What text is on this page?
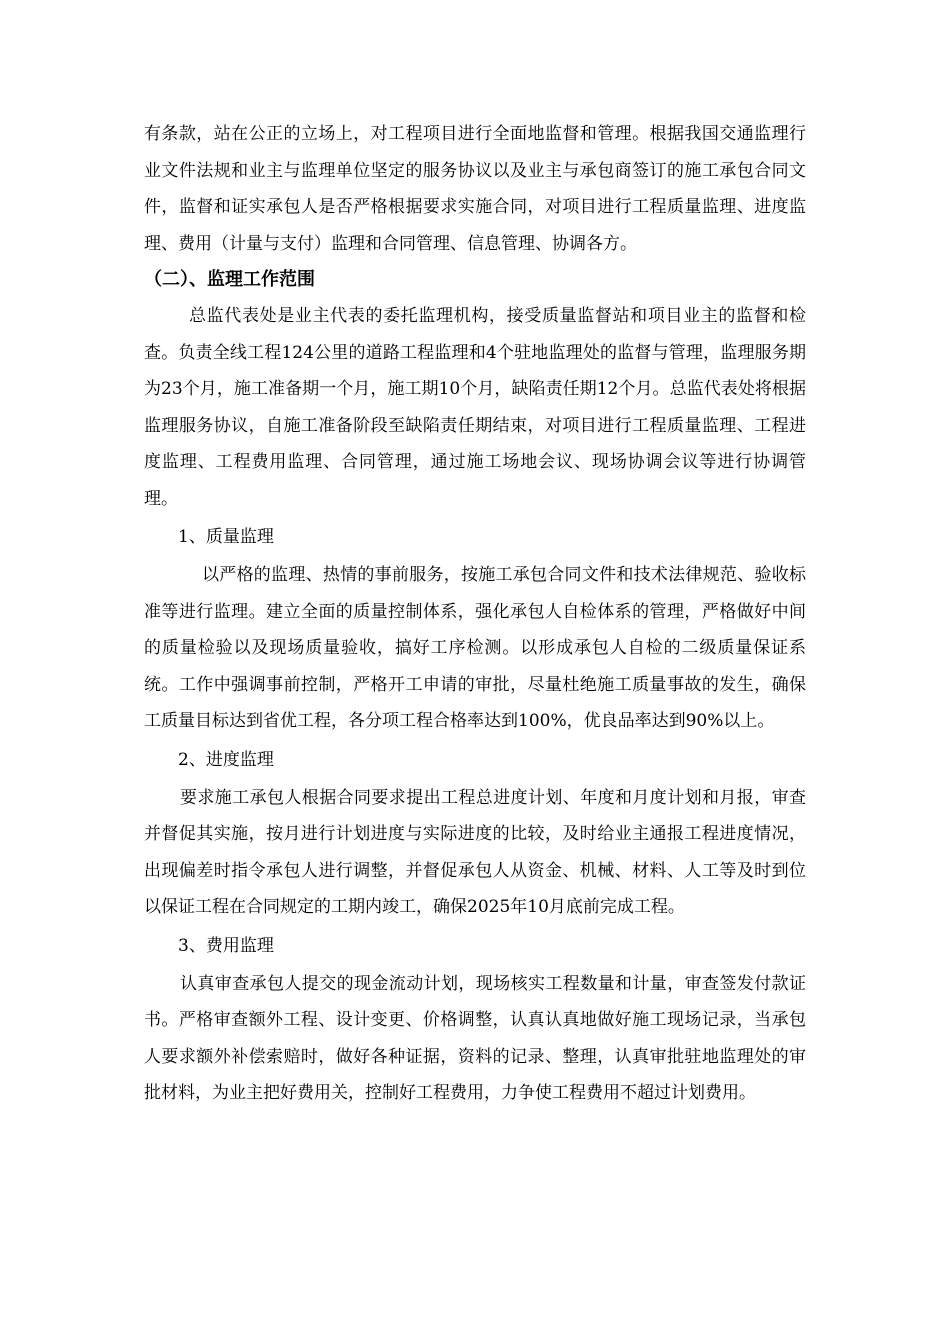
有条款，站在公正的立场上，对工程项目进行全面地监督和管理。根据我国交通监理行业文件法规和业主与监理单位坚定的服务协议以及业主与承包商签订的施工承包合同文件，监督和证实承包人是否严格根据要求实施合同，对项目进行工程质量监理、进度监理、费用（计量与支付）监理和合同管理、信息管理、协调各方。

（二）、监理工作范围

总监代表处是业主代表的委托监理机构，接受质量监督站和项目业主的监督和检查。负责全线工程124公里的道路工程监理和4个驻地监理处的监督与管理，监理服务期为23个月，施工准备期一个月，施工期10个月，缺陷责任期12个月。总监代表处将根据监理服务协议，自施工准备阶段至缺陷责任期结束，对项目进行工程质量监理、工程进度监理、工程费用监理、合同管理，通过施工场地会议、现场协调会议等进行协调管理。

1、质量监理

以严格的监理、热情的事前服务，按施工承包合同文件和技术法律规范、验收标准等进行监理。建立全面的质量控制体系，强化承包人自检体系的管理，严格做好中间的质量检验以及现场质量验收，搞好工序检测。以形成承包人自检的二级质量保证系统。工作中强调事前控制，严格开工申请的审批，尽量杜绝施工质量事故的发生，确保工质量目标达到省优工程，各分项工程合格率达到100%，优良品率达到90%以上。

2、进度监理

要求施工承包人根据合同要求提出工程总进度计划、年度和月度计划和月报，审查并督促其实施，按月进行计划进度与实际进度的比较，及时给业主通报工程进度情况，出现偏差时指令承包人进行调整，并督促承包人从资金、机械、材料、人工等及时到位以保证工程在合同规定的工期内竣工，确保2025年10月底前完成工程。

3、费用监理

认真审查承包人提交的现金流动计划，现场核实工程数量和计量，审查签发付款证书。严格审查额外工程、设计变更、价格调整，认真认真地做好施工现场记录，当承包人要求额外补偿索赔时，做好各种证据，资料的记录、整理，认真审批驻地监理处的审批材料，为业主把好费用关，控制好工程费用，力争使工程费用不超过计划费用。
